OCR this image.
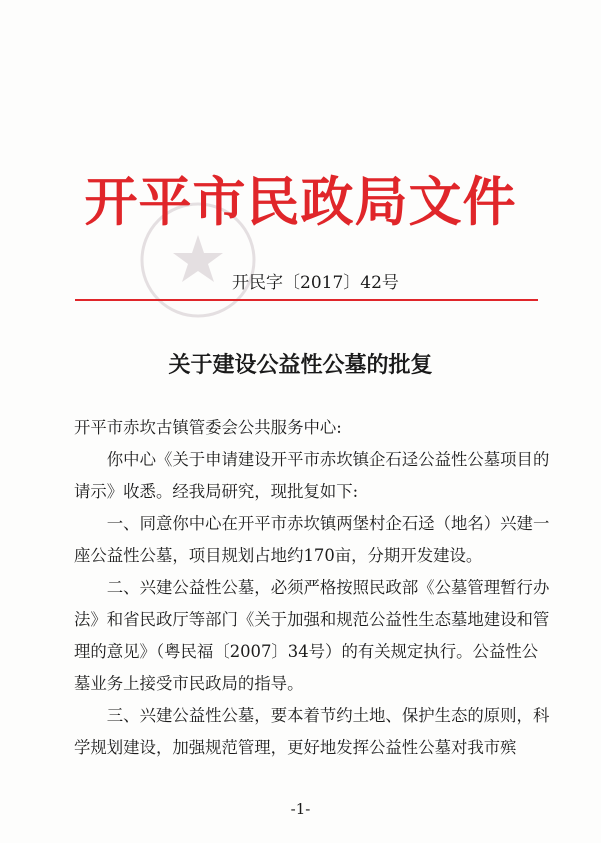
开平市民政局文件
开民字〔2017〕42号
关于建设公益性公墓的批复

开平市赤坎古镇管委会公共服务中心:

你中心《关于申请建设开平市赤坎镇企石迳公益性公墓项目的请示》收悉。经我局研究，现批复如下:

一、同意你中心在开平市赤坎镇两堡村企石迳（地名）兴建一座公益性公墓，项目规划占地约170亩，分期开发建设。

二、兴建公益性公墓，必须严格按照民政部《公墓管理暂行办法》和省民政厅等部门《关于加强和规范公益性生态墓地建设和管理的意见》（粤民福〔2007〕34号）的有关规定执行。公益性公墓业务上接受市民政局的指导。

三、兴建公益性公墓，要本着节约土地、保护生态的原则，科学规划建设，加强规范管理，更好地发挥公益性公墓对我市殡

-1-
